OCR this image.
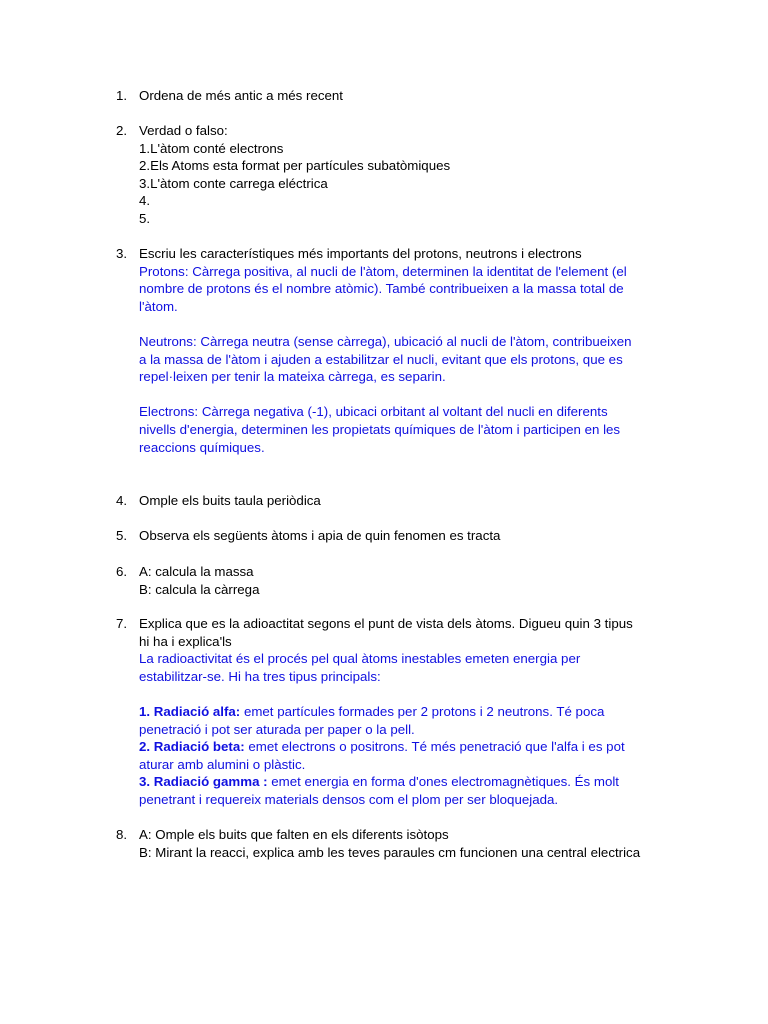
1. Ordena de més antic a més recent
2. Verdad o falso:
1.L'àtom conté electrons
2.Els Atoms esta format per partícules subatòmiques
3.L'àtom conte carrega eléctrica
4.
5.
3. Escriu les característiques més importants del protons, neutrons i electrons
Protons: Càrrega positiva, al nucli de l'àtom, determinen la identitat de l'element (el
nombre de protons és el nombre atòmic). També contribueixen a la massa total de
l'àtom.
Neutrons: Càrrega neutra (sense càrrega), ubicació al nucli de l'àtom, contribueixen
a la massa de l'àtom i ajuden a estabilitzar el nucli, evitant que els protons, que es
repel·leixen per tenir la mateixa càrrega, es separin.
Electrons: Càrrega negativa (-1), ubicaci orbitant al voltant del nucli en diferents
nivells d'energia, determinen les propietats químiques de l'àtom i participen en les
reaccions químiques.
4. Omple els buits taula periòdica
5. Observa els següents àtoms i apia de quin fenomen es tracta
6. A: calcula la massa
B: calcula la càrrega
7. Explica que es la adioactitat segons el punt de vista dels àtoms. Digueu quin 3 tipus
hi ha i explica'ls
La radioactivitat és el procés pel qual àtoms inestables emeten energia per
estabilitzar-se. Hi ha tres tipus principals:
1. Radiació alfa: emet partícules formades per 2 protons i 2 neutrons. Té poca
penetració i pot ser aturada per paper o la pell.
2. Radiació beta: emet electrons o positrons. Té més penetració que l'alfa i es pot
aturar amb alumini o plàstic.
3. Radiació gamma : emet energia en forma d'ones electromagnètiques. És molt
penetrant i requereix materials densos com el plom per ser bloquejada.
8. A: Omple els buits que falten en els diferents isòtops
B: Mirant la reacci, explica amb les teves paraules cm funcionen una central electrica
